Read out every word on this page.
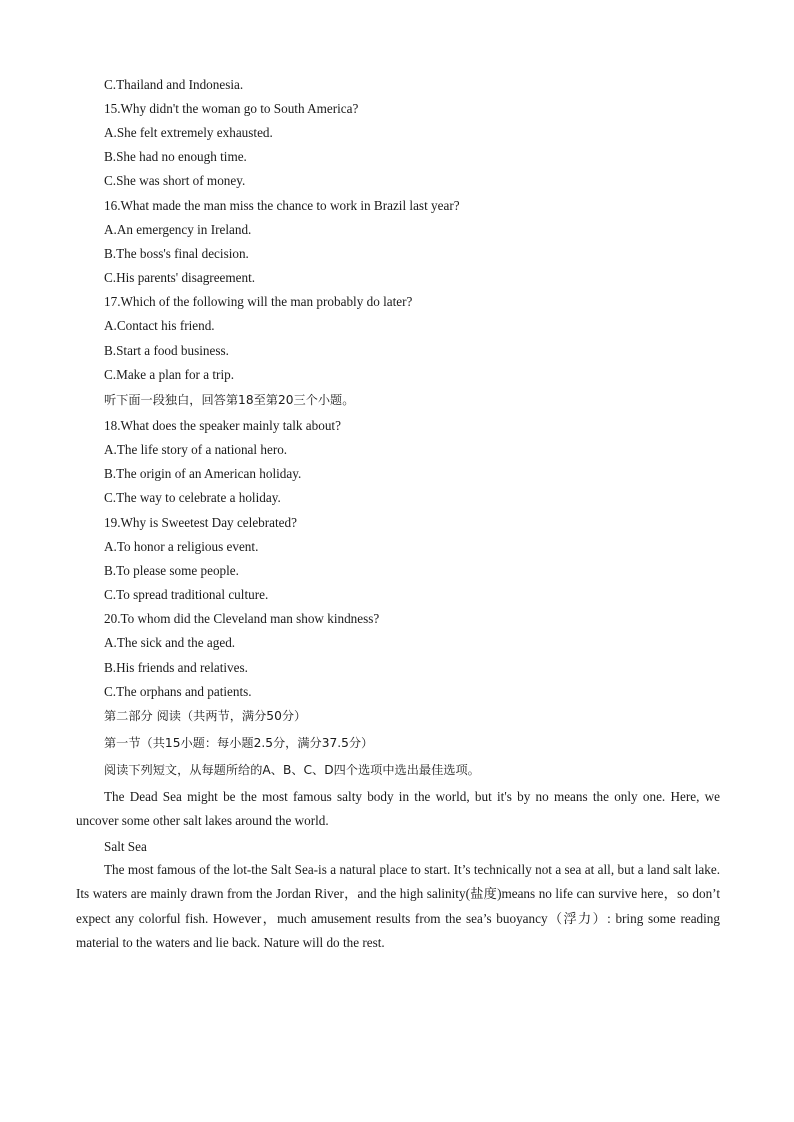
C.Thailand and Indonesia.
15.Why didn't the woman go to South America?
A.She felt extremely exhausted.
B.She had no enough time.
C.She was short of money.
16.What made the man miss the chance to work in Brazil last year?
A.An emergency in Ireland.
B.The boss's final decision.
C.His parents' disagreement.
17.Which of the following will the man probably do later?
A.Contact his friend.
B.Start a food business.
C.Make a plan for a trip.
听下面一段独白，回答第18至第20三个小题。
18.What does the speaker mainly talk about?
A.The life story of a national hero.
B.The origin of an American holiday.
C.The way to celebrate a holiday.
19.Why is Sweetest Day celebrated?
A.To honor a religious event.
B.To please some people.
C.To spread traditional culture.
20.To whom did the Cleveland man show kindness?
A.The sick and the aged.
B.His friends and relatives.
C.The orphans and patients.
第二部分 阅读（共两节，满分50分）
第一节（共15小题：每小题2.5分，满分37.5分）
阅读下列短文，从每题所给的A、B、C、D四个选项中选出最佳选项。
The Dead Sea might be the most famous salty body in the world, but it's by no means the only one. Here, we uncover some other salt lakes around the world.
Salt Sea
The most famous of the lot-the Salt Sea-is a natural place to start. It’s technically not a sea at all, but a land salt lake. Its waters are mainly drawn from the Jordan River，and the high salinity(盐度)means no life can survive here，so don’t expect any colorful fish. However，much amusement results from the sea’s buoyancy（浮力）: bring some reading material to the waters and lie back. Nature will do the rest.
